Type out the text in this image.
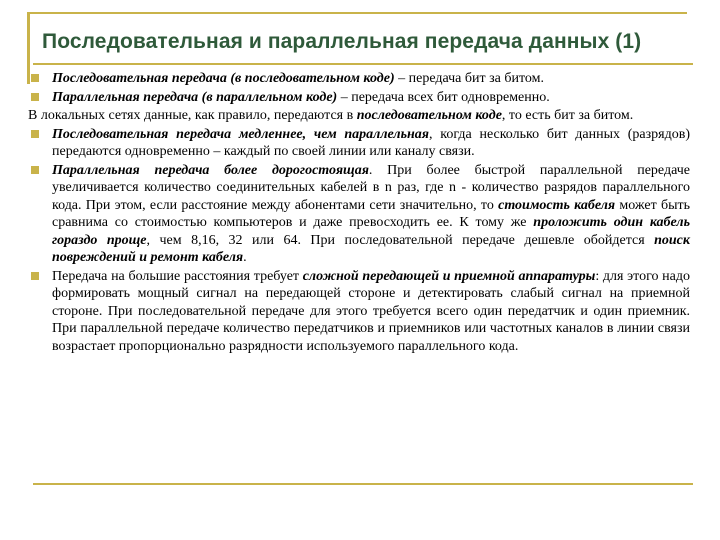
Последовательная и параллельная передача данных (1)

Последовательная передача (в последовательном коде) – передача бит за битом.

Параллельная передача (в параллельном коде) – передача всех бит одновременно.

В локальных сетях данные, как правило, передаются в последовательном коде, то есть бит за битом.

Последовательная передача медленнее, чем параллельная, когда несколько бит данных (разрядов) передаются одновременно – каждый по своей линии или каналу связи.

Параллельная передача более дорогостоящая. При более быстрой параллельной передаче увеличивается количество соединительных кабелей в n раз, где n - количество разрядов параллельного кода. При этом, если расстояние между абонентами сети значительно, то стоимость кабеля может быть сравнима со стоимостью компьютеров и даже превосходить ее. К тому же проложить один кабель гораздо проще, чем 8,16, 32 или 64. При последовательной передаче дешевле обойдется поиск повреждений и ремонт кабеля.

Передача на большие расстояния требует сложной передающей и приемной аппаратуры: для этого надо формировать мощный сигнал на передающей стороне и детектировать слабый сигнал на приемной стороне. При последовательной передаче для этого требуется всего один передатчик и один приемник. При параллельной передаче количество передатчиков и приемников или частотных каналов в линии связи возрастает пропорционально разрядности используемого параллельного кода.
